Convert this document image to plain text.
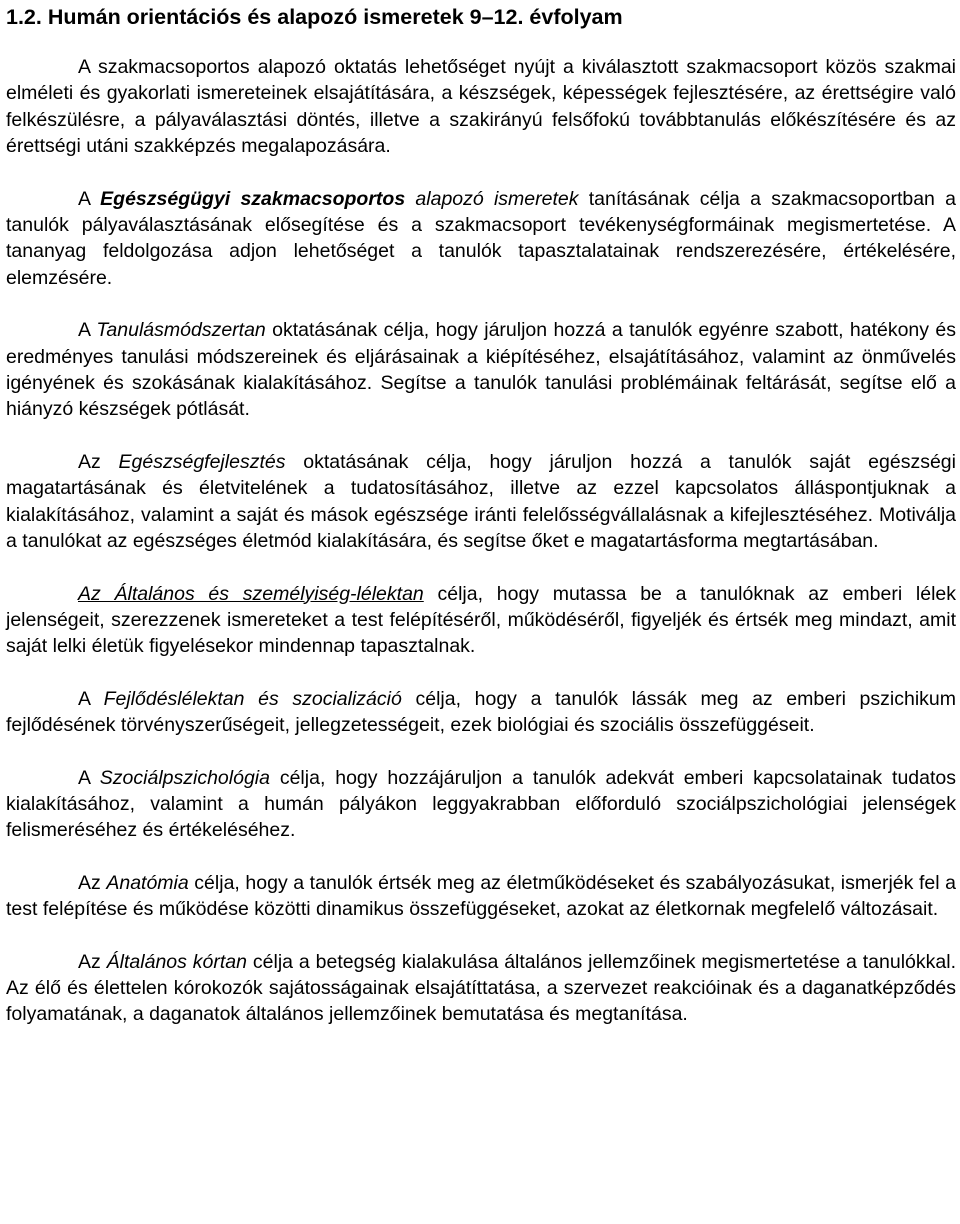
1.2. Humán orientációs és alapozó ismeretek 9–12. évfolyam

A szakmacsoportos alapozó oktatás lehetőséget nyújt a kiválasztott szakmacsoport közös szakmai elméleti és gyakorlati ismereteinek elsajátítására, a készségek, képességek fejlesztésére, az érettségire való felkészülésre, a pályaválasztási döntés, illetve a szakirányú felsőfokú továbbtanulás előkészítésére és az érettségi utáni szakképzés megalapozására.

A Egészségügyi szakmacsoportos alapozó ismeretek tanításának célja a szakmacsoportban a tanulók pályaválasztásának elősegítése és a szakmacsoport tevékenységformáinak megismertetése. A tananyag feldolgozása adjon lehetőséget a tanulók tapasztalatainak rendszerezésére, értékelésére, elemzésére.

A Tanulásmódszertan oktatásának célja, hogy járuljon hozzá a tanulók egyénre szabott, hatékony és eredményes tanulási módszereinek és eljárásainak a kiépítéséhez, elsajátításához, valamint az önművelés igényének és szokásának kialakításához. Segítse a tanulók tanulási problémáinak feltárását, segítse elő a hiányzó készségek pótlását.

Az Egészségfejlesztés oktatásának célja, hogy járuljon hozzá a tanulók saját egészségi magatartásának és életvitelének a tudatosításához, illetve az ezzel kapcsolatos álláspontjuknak a kialakításához, valamint a saját és mások egészsége iránti felelősségvállalásnak a kifejlesztéséhez. Motiválja a tanulókat az egészséges életmód kialakítására, és segítse őket e magatartásforma megtartásában.

Az Általános és személyiség-lélektan célja, hogy mutassa be a tanulóknak az emberi lélek jelenségeit, szerezzenek ismereteket a test felépítéséről, működéséről, figyeljék és értsék meg mindazt, amit saját lelki életük figyelésekor mindennap tapasztalnak.

A Fejlődéslélektan és szocializáció célja, hogy a tanulók lássák meg az emberi pszichikum fejlődésének törvényszerűségeit, jellegzetességeit, ezek biológiai és szociális összefüggéseit.

A Szociálpszichológia célja, hogy hozzájáruljon a tanulók adekvát emberi kapcsolatainak tudatos kialakításához, valamint a humán pályákon leggyakrabban előforduló szociálpszichológiai jelenségek felismeréséhez és értékeléséhez.

Az Anatómia célja, hogy a tanulók értsék meg az életműködéseket és szabályozásukat, ismerjék fel a test felépítése és működése közötti dinamikus összefüggéseket, azokat az életkornak megfelelő változásait.

Az Általános kórtan célja a betegség kialakulása általános jellemzőinek megismertetése a tanulókkal. Az élő és élettelen kórokozók sajátosságainak elsajátíttatása, a szervezet reakcióinak és a daganatképződés folyamatának, a daganatok általános jellemzőinek bemutatása és megtanítása.
